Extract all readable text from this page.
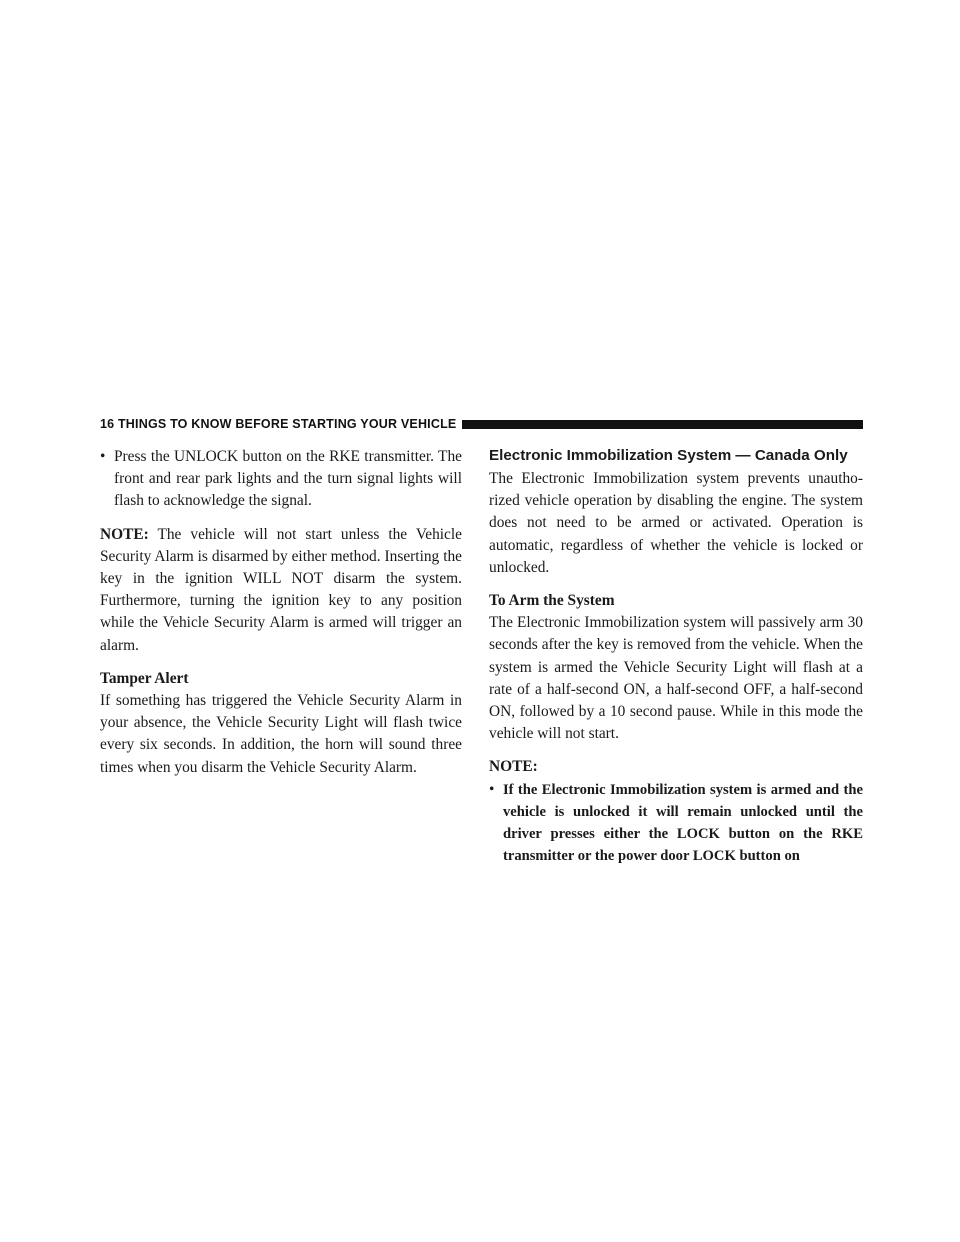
16 THINGS TO KNOW BEFORE STARTING YOUR VEHICLE
• Press the UNLOCK button on the RKE transmitter. The front and rear park lights and the turn signal lights will flash to acknowledge the signal.

NOTE: The vehicle will not start unless the Vehicle Security Alarm is disarmed by either method. Inserting the key in the ignition WILL NOT disarm the system. Furthermore, turning the ignition key to any position while the Vehicle Security Alarm is armed will trigger an alarm.

Tamper Alert

If something has triggered the Vehicle Security Alarm in your absence, the Vehicle Security Light will flash twice every six seconds. In addition, the horn will sound three times when you disarm the Vehicle Security Alarm.

Electronic Immobilization System — Canada Only

The Electronic Immobilization system prevents unautho-rized vehicle operation by disabling the engine. The system does not need to be armed or activated. Operation is automatic, regardless of whether the vehicle is locked or unlocked.

To Arm the System

The Electronic Immobilization system will passively arm 30 seconds after the key is removed from the vehicle. When the system is armed the Vehicle Security Light will flash at a rate of a half-second ON, a half-second OFF, a half-second ON, followed by a 10 second pause. While in this mode the vehicle will not start.

NOTE:

• If the Electronic Immobilization system is armed and the vehicle is unlocked it will remain unlocked until the driver presses either the LOCK button on the RKE transmitter or the power door LOCK button on
